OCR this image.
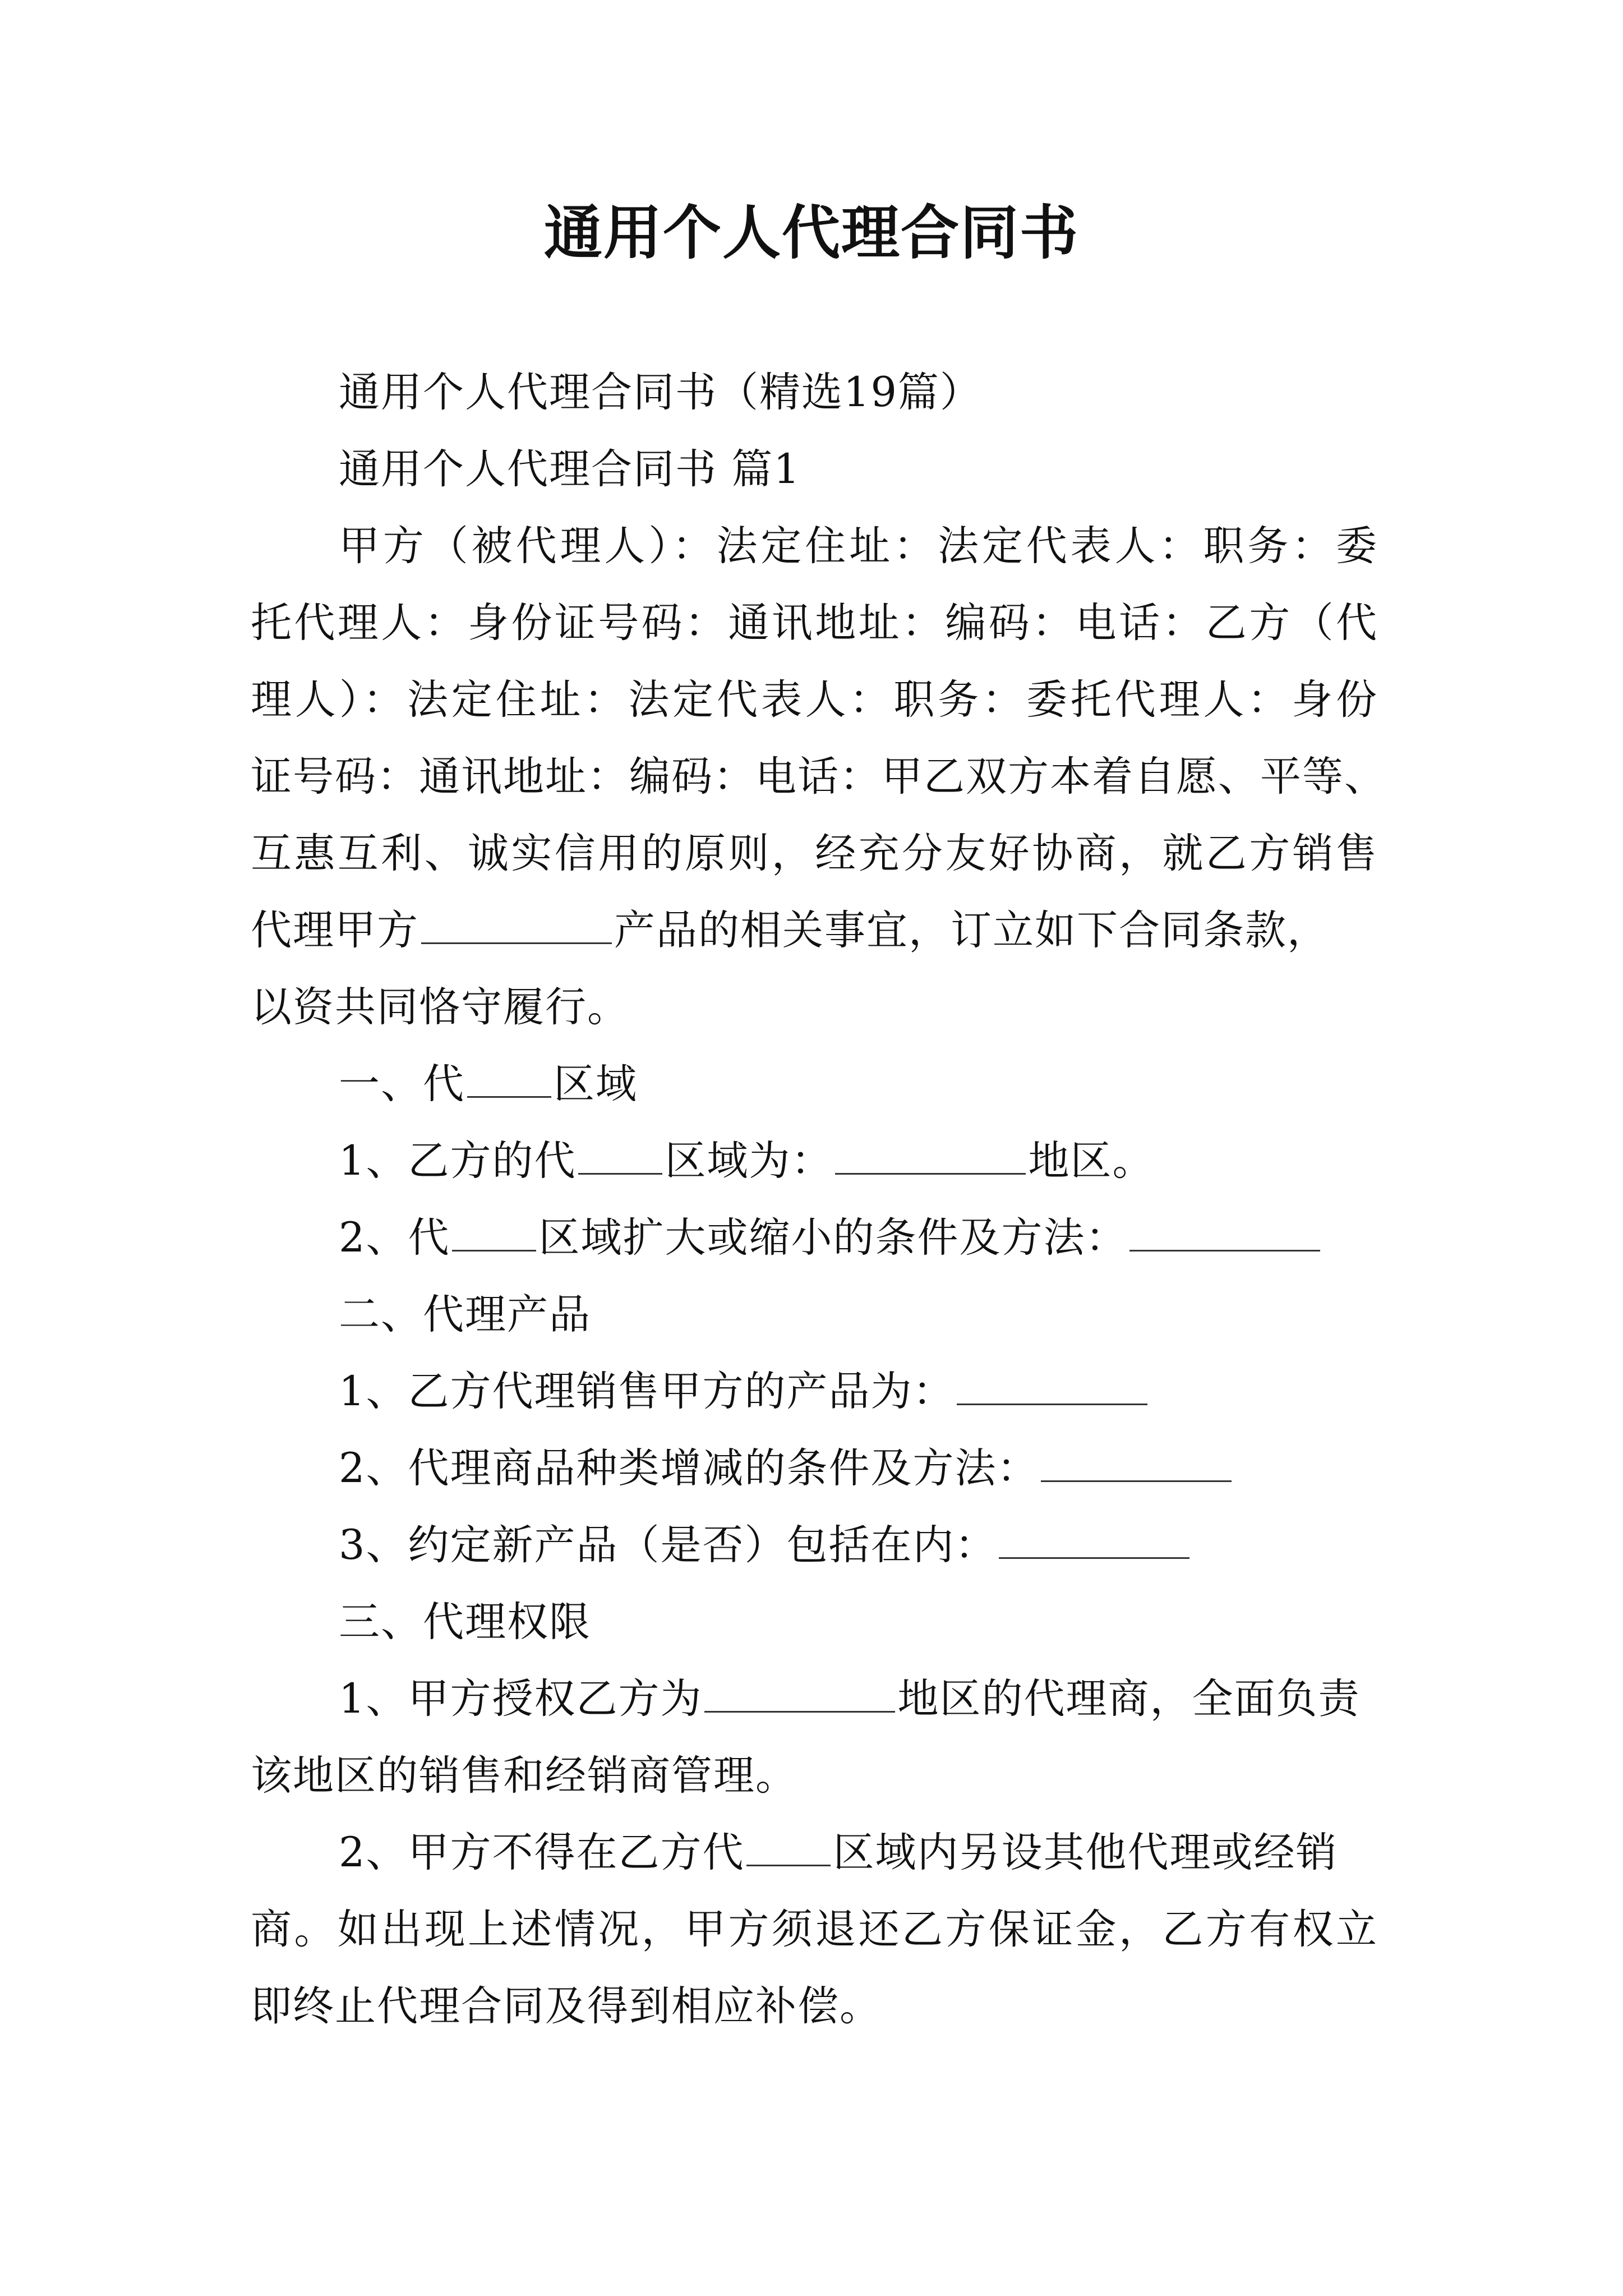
通用个人代理合同书
通用个人代理合同书（精选19篇）
通用个人代理合同书 篇1
甲方（被代理人）：法定住址：法定代表人：职务：委
托代理人：身份证号码：通讯地址：编码：电话：乙方（代
理人）：法定住址：法定代表人：职务：委托代理人：身份
证号码：通讯地址：编码：电话：甲乙双方本着自愿、平等、
互惠互利、诚实信用的原则，经充分友好协商，就乙方销售
代理甲方	产品的相关事宜，订立如下合同条款，
以资共同恪守履行。
一、代 区域
1、乙方的代 区域为：	地区。
2、代 区域扩大或缩小的条件及方法：
二、代理产品
1、乙方代理销售甲方的产品为：
2、代理商品种类增减的条件及方法：
3、约定新产品（是否）包括在内：
三、代理权限
1、甲方授权乙方为	地区的代理商，全面负责
该地区的销售和经销商管理。
2、甲方不得在乙方代 区域内另设其他代理或经销
商。如出现上述情况，甲方须退还乙方保证金，乙方有权立
即终止代理合同及得到相应补偿。
